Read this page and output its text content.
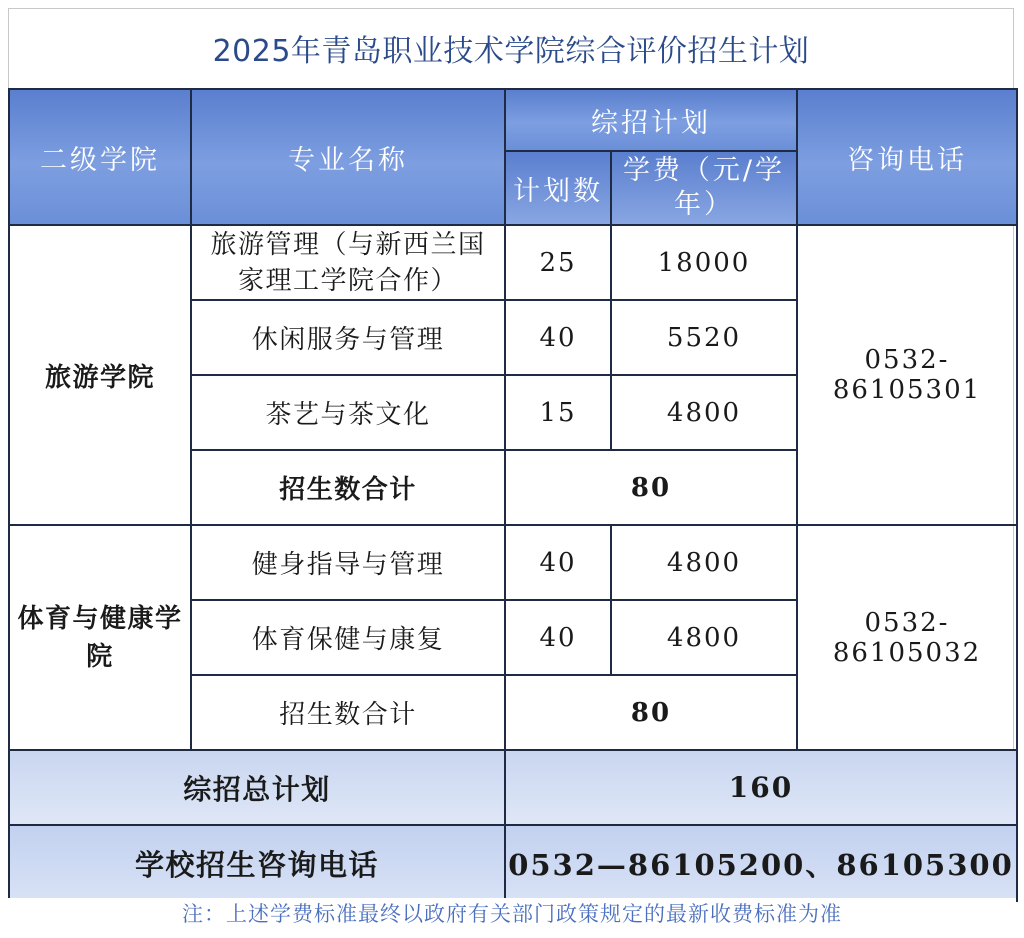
2025年青岛职业技术学院综合评价招生计划
二级学院	专业名称	综招计划		咨询电话
		计划数	学费（元/学年）	
旅游学院	旅游管理（与新西兰国家理工学院合作）	25	18000	0532-86105301
	休闲服务与管理	40	5520	
	茶艺与茶文化	15	4800	
	招生数合计	80		
体育与健康学院	健身指导与管理	40	4800	0532-86105032
	体育保健与康复	40	4800	
	招生数合计	80		
综招总计划		160		
学校招生咨询电话		0532—86105200、86105300		
注：上述学费标准最终以政府有关部门政策规定的最新收费标准为准
